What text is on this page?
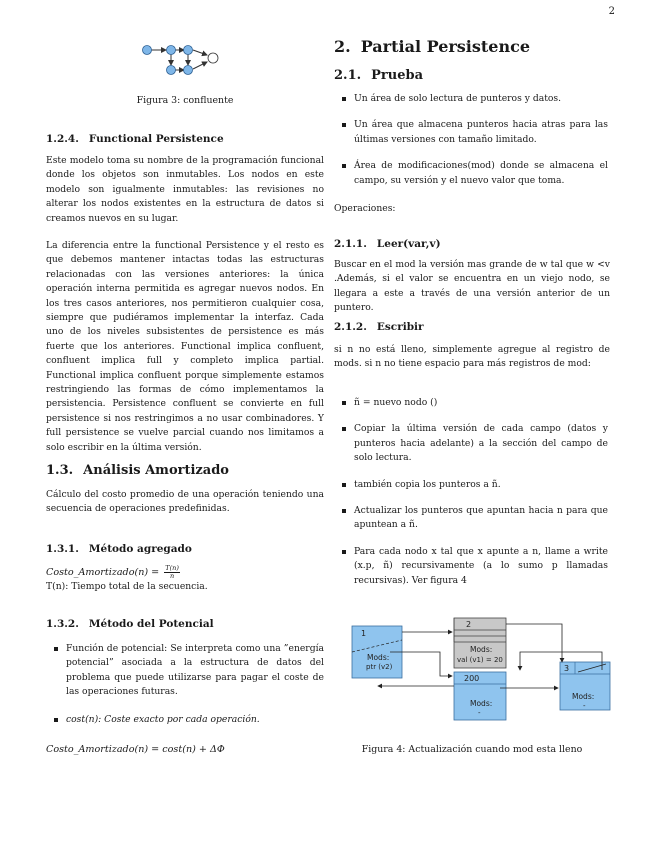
2
Figura 3: confluente
1.2.4. Functional Persistence

Este modelo toma su nombre de la programación funcional donde los objetos son inmutables. Los nodos en este modelo son igualmente inmutables: las revisiones no alterar los nodos existentes en la estructura de datos si creamos nuevos en su lugar.

La diferencia entre la functional Persistence y el resto es que debemos mantener intactas todas las estructuras relacionadas con las versiones anteriores: la única operación interna permitida es agregar nuevos nodos. En los tres casos anteriores, nos permitieron cualquier cosa, siempre que pudiéramos implementar la interfaz. Cada uno de los niveles subsistentes de persistence es más fuerte que los anteriores. Functional implica confluent, confluent implica full y completo implica partial. Functional implica confluent porque simplemente estamos restringiendo las formas de cómo implementamos la persistencia. Persistence confluent se convierte en full persistence si nos restringimos a no usar combinadores. Y full persistence se vuelve parcial cuando nos limitamos a solo escribir en la última versión.

1.3. Análisis Amortizado

Cálculo del costo promedio de una operación teniendo una secuencia de operaciones predefinidas.

1.3.1. Método agregado
Costo_Amortizado(n) = $\frac{T(n)}{n}$

T(n): Tiempo total de la secuencia.

1.3.2. Método del Potencial
Función de potencial: Se interpreta como una ”energía potencial” asociada a la estructura de datos del problema que puede utilizarse para pagar el coste de las operaciones futuras.
cost(n): Coste exacto por cada operación.
Costo_Amortizado(n) = cost(n) + ΔΦ
2. Partial Persistence
2.1. Prueba
Un área de solo lectura de punteros y datos.
Un área que almacena punteros hacia atras para las últimas versiones con tamaño limitado.
Área de modificaciones(mod) donde se almacena el campo, su versión y el nuevo valor que toma.

Operaciones:

2.1.1. Leer(var,v)

Buscar en el mod la versión mas grande de w tal que w <v .Además, si el valor se encuentra en un viejo nodo, se llegara a este a través de una versión anterior de un puntero.

2.1.2. Escribir

si n no está lleno, simplemente agregue al registro de mods. si n no tiene espacio para más registros de mod:

ñ = nuevo nodo ()
Copiar la última versión de cada campo (datos y punteros hacia adelante) a la sección del campo de solo lectura.
también copia los punteros a ñ.
Actualizar los punteros que apuntan hacia n para que apuntean a ñ.
Para cada nodo x tal que x apunte a n, llame a write (x.p, ñ) recursivamente (a lo sumo p llamadas recursivas). Ver figura 4
1
Mods:
ptr (v2)
2
Mods:
val (v1) = 20
200
Mods:
-
3
Mods:
-
Figura 4: Actualización cuando mod esta lleno
